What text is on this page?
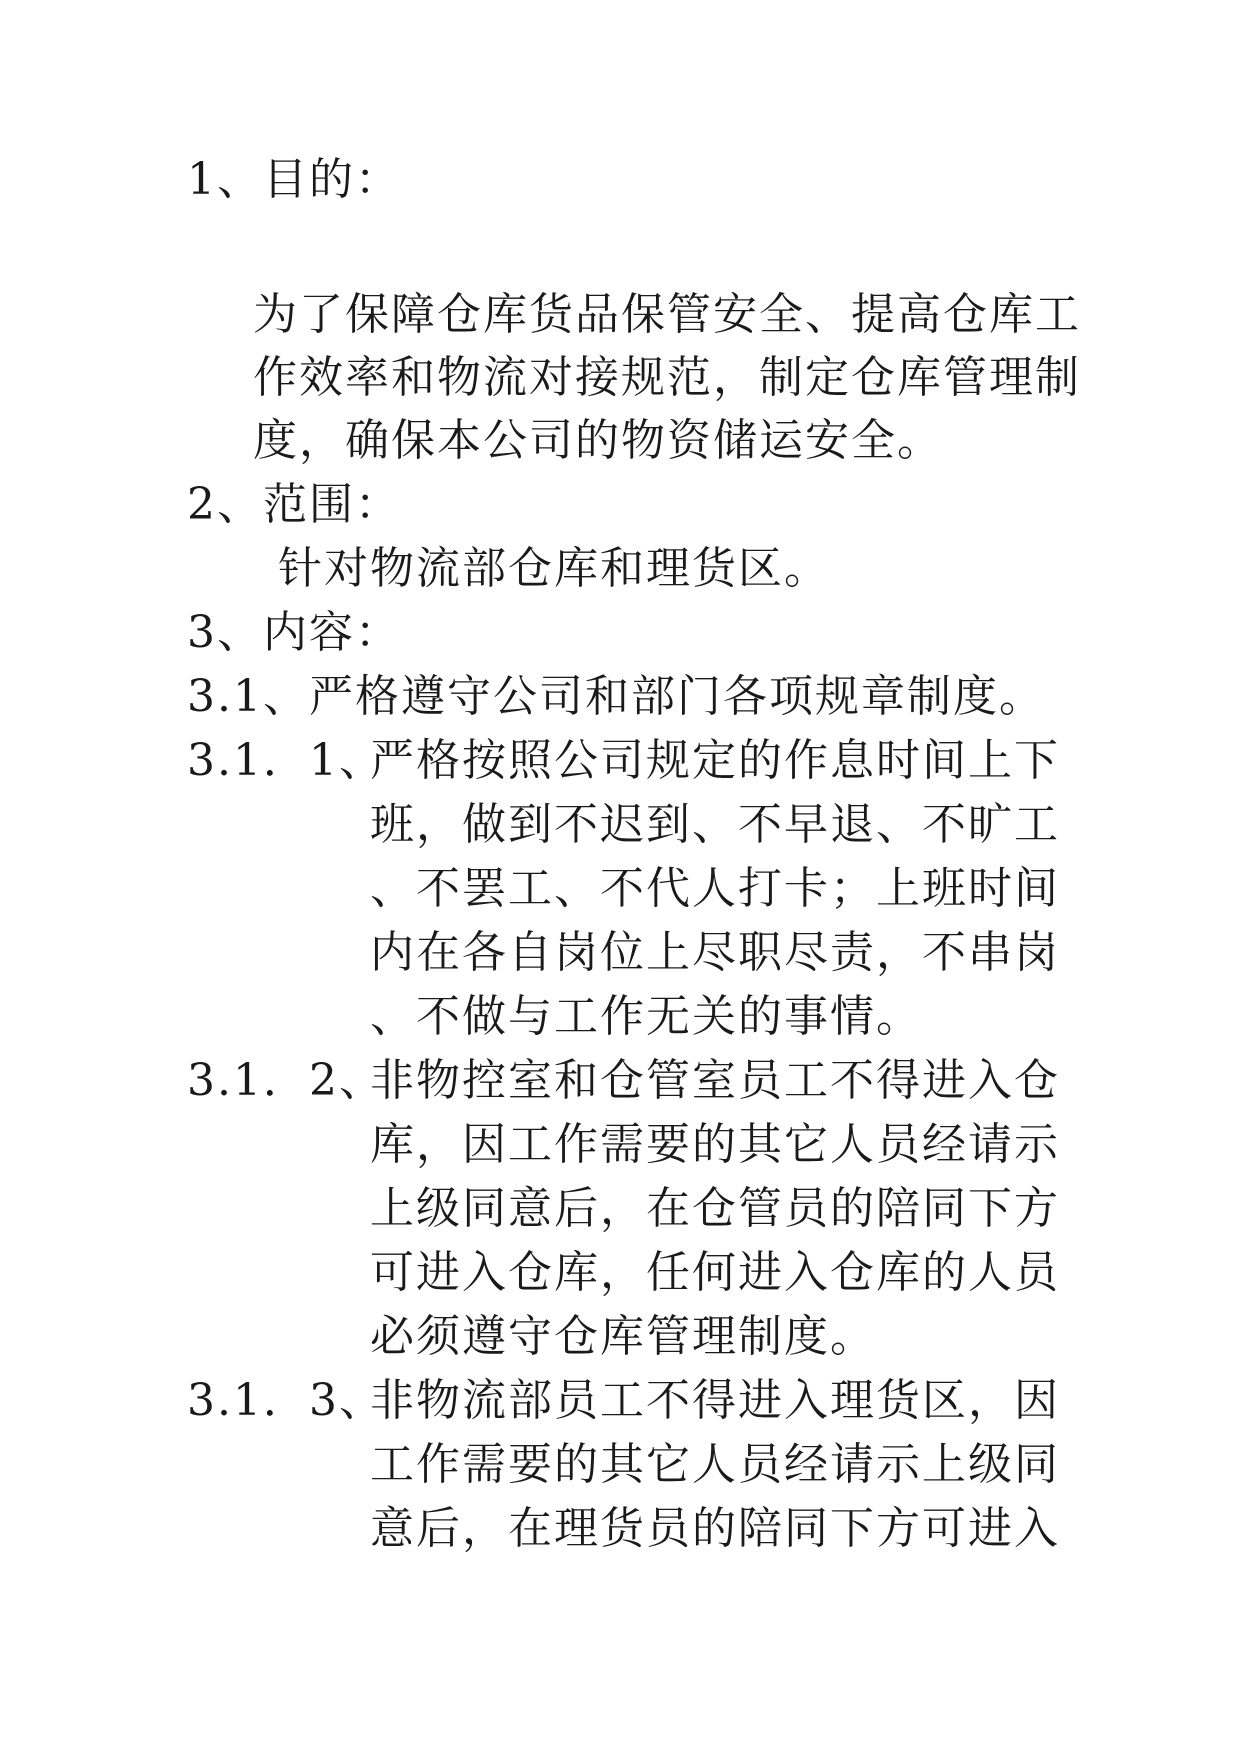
1、目的：
为了保障仓库货品保管安全、提高仓库工
作效率和物流对接规范，制定仓库管理制
度，确保本公司的物资储运安全。
2、范围：
针对物流部仓库和理货区。
3、内容：
3.1、严格遵守公司和部门各项规章制度。
3.1．1、
严格按照公司规定的作息时间上下
班，做到不迟到、不早退、不旷工
、不罢工、不代人打卡；上班时间
内在各自岗位上尽职尽责，不串岗
、不做与工作无关的事情。
3.1．2、
非物控室和仓管室员工不得进入仓
库，因工作需要的其它人员经请示
上级同意后，在仓管员的陪同下方
可进入仓库，任何进入仓库的人员
必须遵守仓库管理制度。
3.1．3、
非物流部员工不得进入理货区，因
工作需要的其它人员经请示上级同
意后，在理货员的陪同下方可进入
